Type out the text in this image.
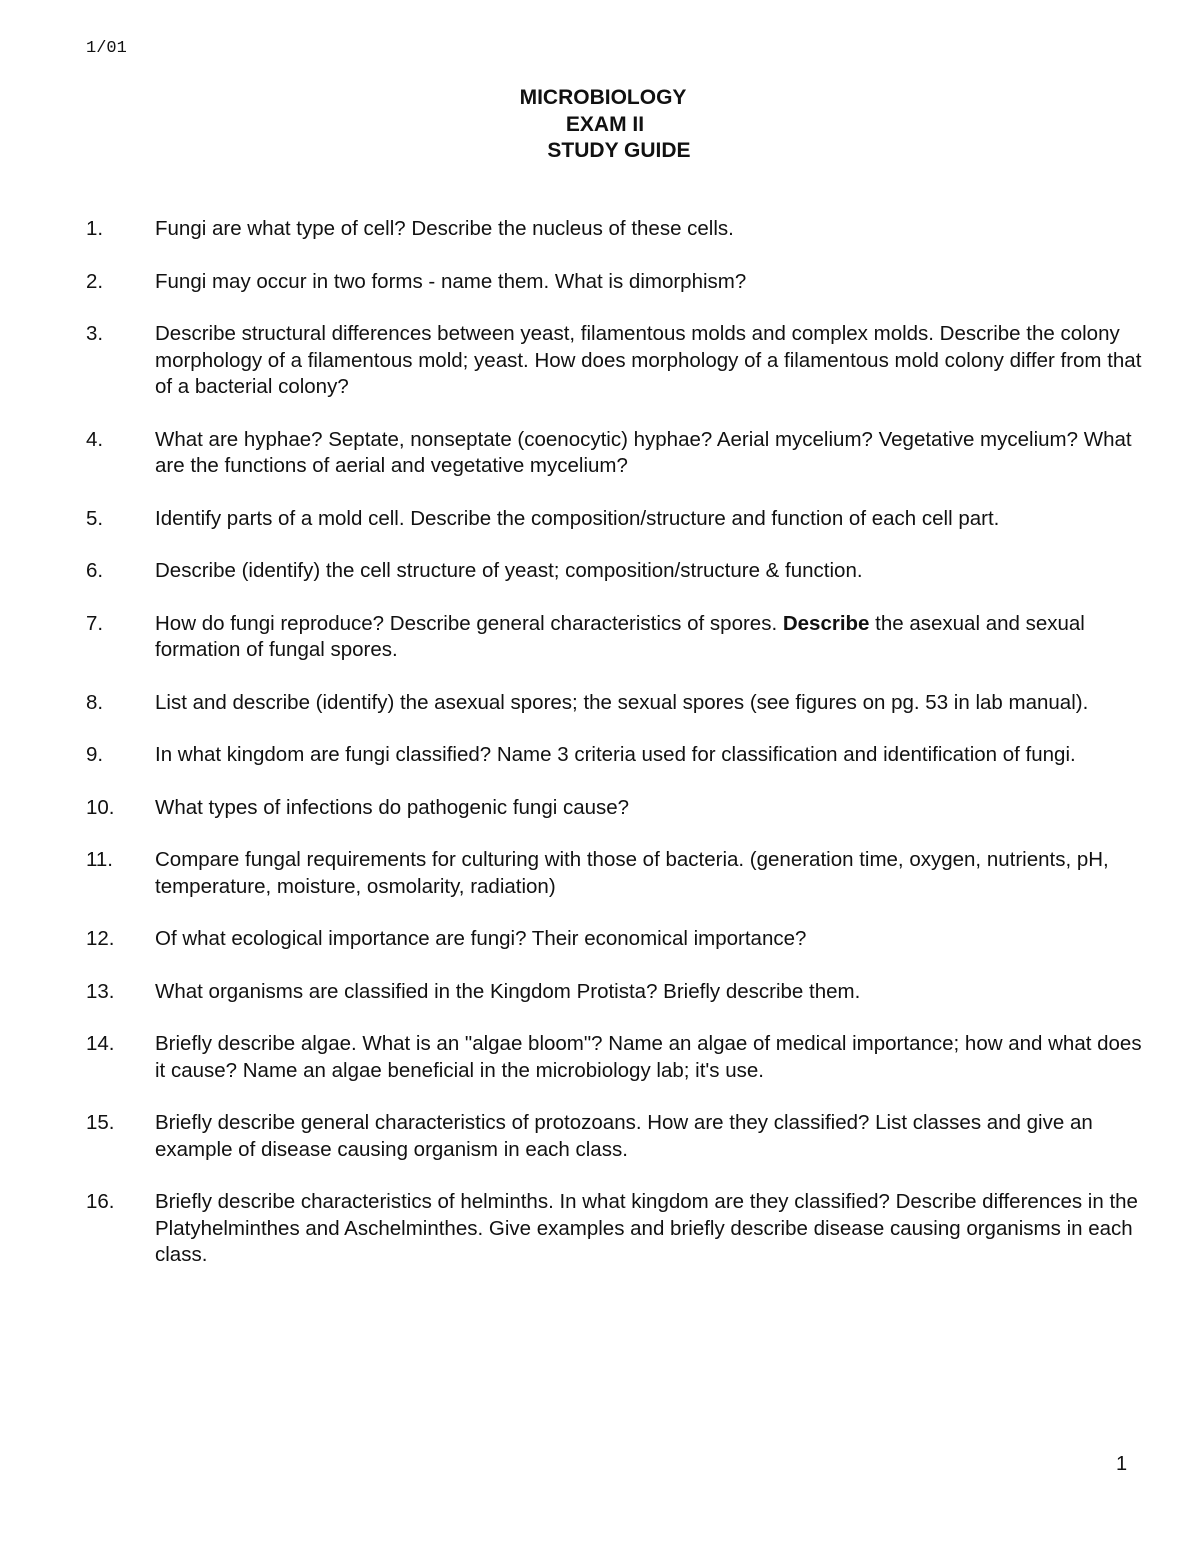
1/01
MICROBIOLOGY
EXAM II
STUDY GUIDE
1.	Fungi are what type of cell? Describe the nucleus of these cells.
2.	Fungi may occur in two forms - name them. What is dimorphism?
3.	Describe structural differences between yeast, filamentous molds and complex molds. Describe the colony morphology of a filamentous mold; yeast. How does morphology of a filamentous mold colony differ from that of a bacterial colony?
4.	What are hyphae? Septate, nonseptate (coenocytic) hyphae? Aerial mycelium? Vegetative mycelium? What are the functions of aerial and vegetative mycelium?
5.	Identify parts of a mold cell. Describe the composition/structure and function of each cell part.
6.	Describe (identify) the cell structure of yeast; composition/structure & function.
7.	How do fungi reproduce? Describe general characteristics of spores. Describe the asexual and sexual formation of fungal spores.
8.	List and describe (identify) the asexual spores; the sexual spores (see figures on pg. 53 in lab manual).
9.	In what kingdom are fungi classified? Name 3 criteria used for classification and identification of fungi.
10.	What types of infections do pathogenic fungi cause?
11.	Compare fungal requirements for culturing with those of bacteria. (generation time, oxygen, nutrients, pH, temperature, moisture, osmolarity, radiation)
12.	Of what ecological importance are fungi? Their economical importance?
13.	What organisms are classified in the Kingdom Protista? Briefly describe them.
14.	Briefly describe algae. What is an "algae bloom"? Name an algae of medical importance; how and what does it cause? Name an algae beneficial in the microbiology lab; it's use.
15.	Briefly describe general characteristics of protozoans. How are they classified? List classes and give an example of disease causing organism in each class.
16.	Briefly describe characteristics of helminths. In what kingdom are they classified? Describe differences in the Platyhelminthes and Aschelminthes. Give examples and briefly describe disease causing organisms in each class.
1
